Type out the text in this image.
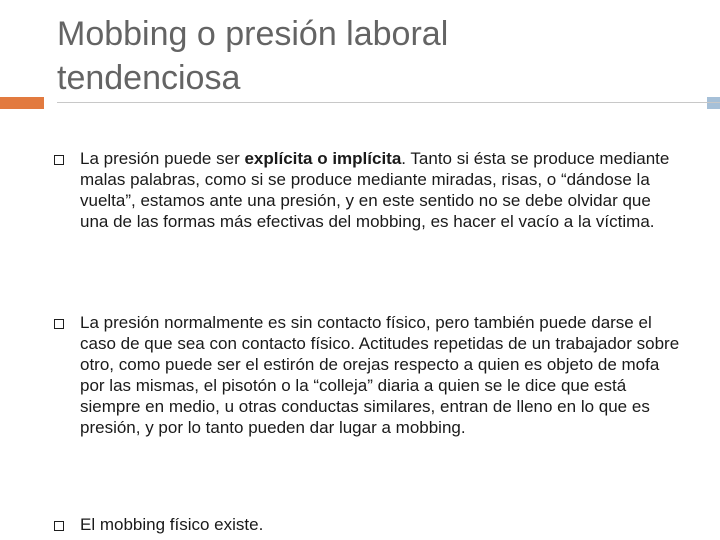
Mobbing o presión laboral
tendenciosa

La presión puede ser explícita o implícita. Tanto si ésta se produce mediante malas palabras, como si se produce mediante miradas, risas, o “dándose la vuelta”, estamos ante una presión, y en este sentido no se debe olvidar que una de las formas más efectivas del mobbing, es hacer el vacío a la víctima.

La presión normalmente es sin contacto físico, pero también puede darse el caso de que sea con contacto físico. Actitudes repetidas de un trabajador sobre otro, como puede ser el estirón de orejas respecto a quien es objeto de mofa por las mismas, el pisotón o la “colleja” diaria a quien se le dice que está siempre en medio, u otras conductas similares, entran de lleno en lo que es presión, y por lo tanto pueden dar lugar a mobbing.

El mobbing físico existe.
